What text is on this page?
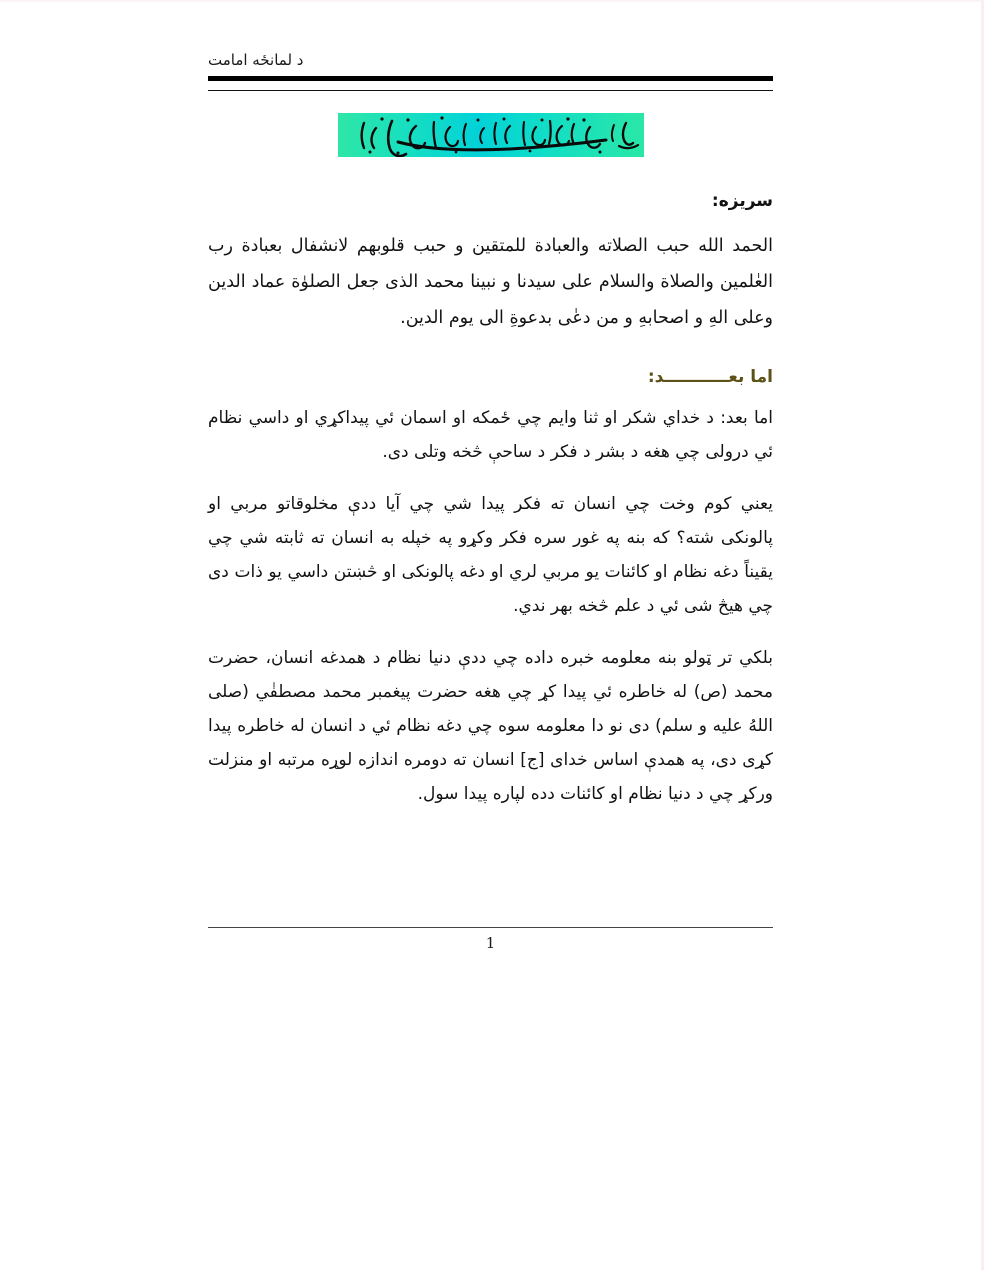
د لمانځه امامت
سريزه:
الحمد الله حبب الصلاته والعبادة للمتقين و حبب قلوبهم لانشفال بعبادة رب العٰلمين والصلاة والسلام على سيدنا و نبينا محمد الذى جعل الصلوٰة عماد الدين وعلى الهِ و اصحابهِ و من دعٰى بدعوةِ الى يوم الدين.
اما بعـــــــــــد:
اما بعد: د خداي شکر او ثنا وايم چي ځمکه او اسمان ئي پيداکړي او داسي نظام ئي درولى چي هغه د بشر د فکر د ساحې څخه وتلى دى.
يعني کوم وخت چي انسان ته فکر پيدا شي چي آيا ددې مخلوقاتو مربي او پالونکى شته؟ که بنه په غور سره فکر وکړو په خپله به انسان ته ثابته شي چي يقيناً دغه نظام او کائنات يو مربي لري او دغه پالونکى او څښتن داسي يو ذات دى چي هيڅ شى ئي د علم څخه بهر ندي.
بلکي تر ټولو بنه معلومه خبره داده چي ددې دنيا نظام د همدغه انسان، حضرت محمد (ص) له خاطره ئي پيدا کړ چي هغه حضرت پيغمبر محمد مصطفٰي (صلى اللهُ عليه و سلم) دى نو دا معلومه سوه چي دغه نظام ئي د انسان له خاطره پيدا کړى دى، په همدې اساس خداى [ج] انسان ته دومره اندازه لوړه مرتبه او منزلت ورکړ چي د دنيا نظام او کائنات ددﻩ لپاره پيدا سول.
1
